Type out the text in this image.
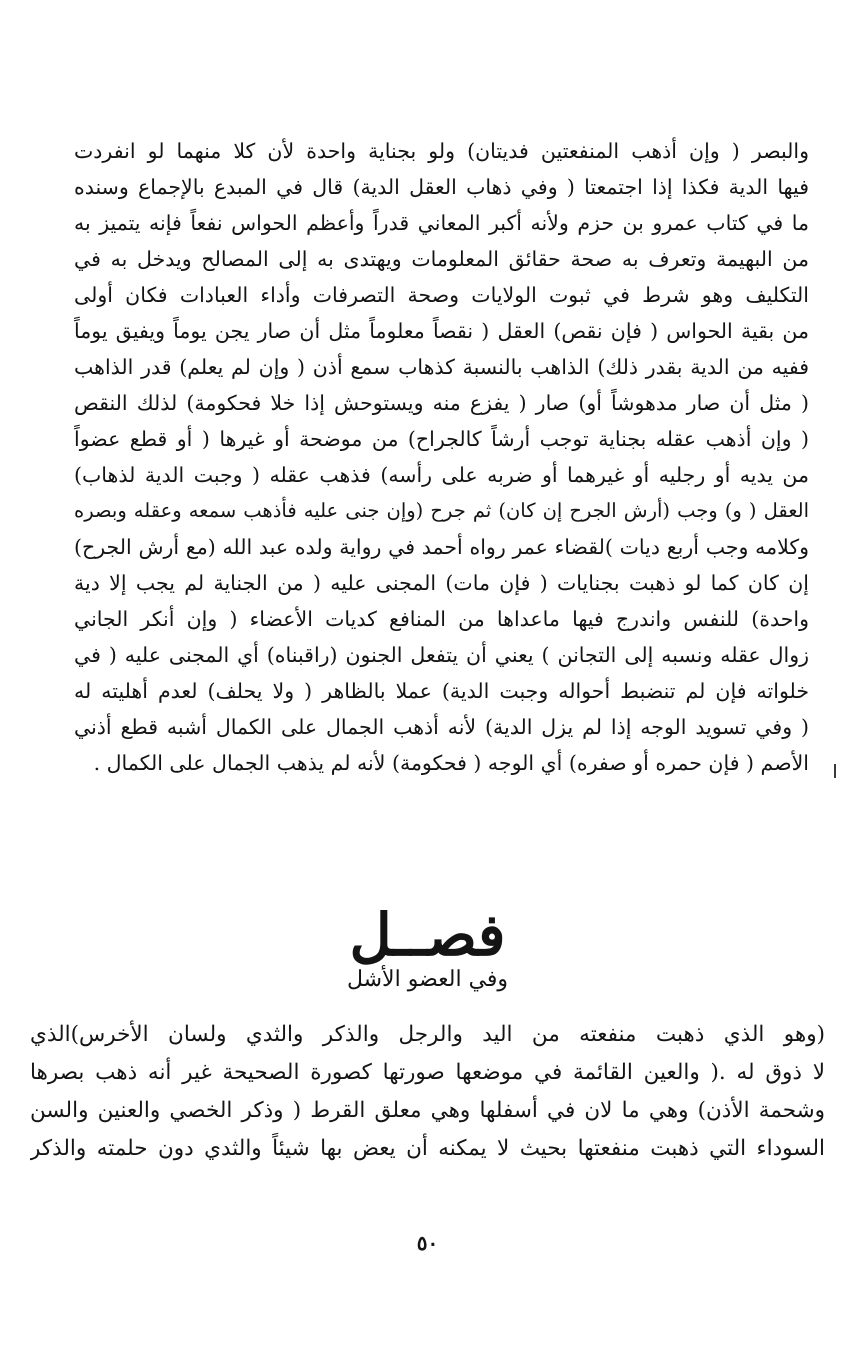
والبصر ( وإن أذهب المنفعتين فديتان) ولو بجناية واحدة لأن كلا منهما لو انفردت
فيها الدية فكذا إذا اجتمعتا ( وفي ذهاب العقل الدية) قال في المبدع بالإجماع وسنده
ما في كتاب عمرو بن حزم ولأنه أكبر المعاني قدراً وأعظم الحواس نفعاً فإنه يتميز به
من البهيمة وتعرف به صحة حقائق المعلومات ويهتدى به إلى المصالح ويدخل به في
التكليف وهو شرط في ثبوت الولايات وصحة التصرفات وأداء العبادات فكان أولى
من بقية الحواس ( فإن نقص) العقل ( نقصاً معلوماً مثل أن صار يجن يوماً ويفيق يوماً
ففيه من الدية بقدر ذلك) الذاهب بالنسبة كذهاب سمع أذن ( وإن لم يعلم) قدر الذاهب
( مثل أن صار مدهوشاً أو) صار ( يفزع منه ويستوحش إذا خلا فحكومة) لذلك النقص
( وإن أذهب عقله بجناية توجب أرشاً كالجراح) من موضحة أو غيرها ( أو قطع عضواً
من يديه أو رجليه أو غيرهما أو ضربه على رأسه) فذهب عقله ( وجبت الدية لذهاب)
العقل ( و) وجب (أرش الجرح إن كان) ثم جرح (وإن جنى عليه فأذهب سمعه وعقله وبصره
وكلامه وجب أربع ديات )لقضاء عمر رواه أحمد في رواية ولده عبد الله (مع أرش الجرح)
إن كان كما لو ذهبت بجنايات ( فإن مات) المجنى عليه ( من الجناية لم يجب إلا دية
واحدة) للنفس واندرج فيها ماعداها من المنافع كديات الأعضاء ( وإن أنكر الجاني
زوال عقله ونسبه إلى التجانن ) يعني أن يتفعل الجنون (راقبناه) أي المجنى عليه ( في
خلواته فإن لم تنضبط أحواله وجبت الدية) عملا بالظاهر ( ولا يحلف) لعدم أهليته له
( وفي تسويد الوجه إذا لم يزل الدية) لأنه أذهب الجمال على الكمال أشبه قطع أذني
الأصم ( فإن حمره أو صفره) أي الوجه ( فحكومة) لأنه لم يذهب الجمال على الكمال .
فصــل
وفي العضو الأشل
(وهو الذي ذهبت منفعته من اليد والرجل والذكر والثدي ولسان الأخرس)الذي
لا ذوق له .( والعين القائمة في موضعها صورتها كصورة الصحيحة غير أنه ذهب بصرها
وشحمة الأذن) وهي ما لان في أسفلها وهي معلق القرط ( وذكر الخصي والعنين والسن
السوداء التي ذهبت منفعتها بحيث لا يمكنه أن يعض بها شيئاً والثدي دون حلمته والذكر
٥٠
